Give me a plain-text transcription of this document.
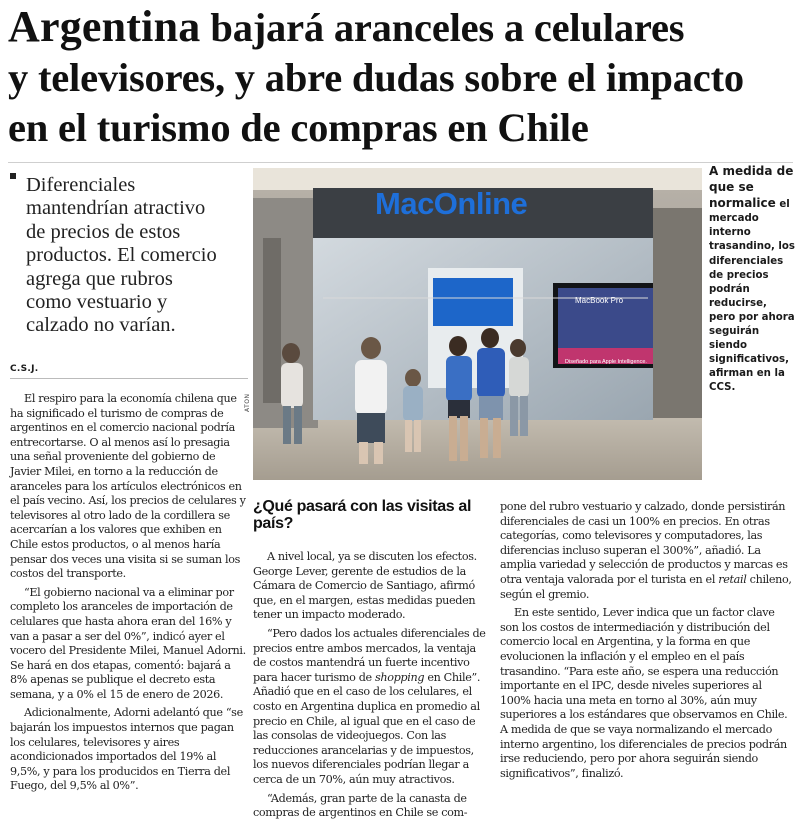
Argentina bajará aranceles a celulares
y televisores, y abre dudas sobre el impacto
en el turismo de compras en Chile
Diferenciales
mantendrían atractivo
de precios de estos
productos. El comercio
agrega que rubros
como vestuario y
calzado no varían.
C.S.J.
MacOnline
MacBook Pro
Diseñado para Apple Intelligence.
ATON
A medida de que se normalice el mercado interno trasandino, los diferenciales de precios podrán reducirse, pero por ahora seguirán siendo significativos, afirman en la CCS.

El respiro para la economía chilena que ha significado el turismo de compras de argentinos en el comercio nacional podría entrecortarse. O al menos así lo presagia una señal proveniente del gobierno de Javier Milei, en torno a la reducción de aranceles para los artículos electrónicos en el país vecino. Así, los precios de celulares y televisores al otro lado de la cordillera se acercarían a los valores que exhiben en Chile estos productos, o al menos haría pensar dos veces una visita si se suman los costos del transporte.

“El gobierno nacional va a eliminar por completo los aranceles de importación de celulares que hasta ahora eran del 16% y van a pasar a ser del 0%”, indicó ayer el vocero del Presidente Milei, Manuel Adorni. Se hará en dos etapas, comentó: bajará a 8% apenas se publique el decreto esta semana, y a 0% el 15 de enero de 2026.

Adicionalmente, Adorni adelantó que “se bajarán los impuestos internos que pagan los celulares, televisores y aires acondicionados importados del 19% al 9,5%, y para los producidos en Tierra del Fuego, del 9,5% al 0%”.

¿Qué pasará con las visitas al país?

A nivel local, ya se discuten los efectos. George Lever, gerente de estudios de la Cámara de Comercio de Santiago, afirmó que, en el margen, estas medidas pueden tener un impacto moderado.

“Pero dados los actuales diferenciales de precios entre ambos mercados, la ventaja de costos mantendrá un fuerte incentivo para hacer turismo de shopping en Chile”. Añadió que en el caso de los celulares, el costo en Argentina duplica en promedio al precio en Chile, al igual que en el caso de las consolas de videojuegos. Con las reducciones arancelarias y de impuestos, los nuevos diferenciales podrían llegar a cerca de un 70%, aún muy atractivos.

“Además, gran parte de la canasta de compras de argentinos en Chile se com-

pone del rubro vestuario y calzado, donde persistirán diferenciales de casi un 100% en precios. En otras categorías, como televisores y computadores, las diferencias incluso superan el 300%”, añadió. La amplia variedad y selección de productos y marcas es otra ventaja valorada por el turista en el retail chileno, según el gremio.

En este sentido, Lever indica que un factor clave son los costos de intermediación y distribución del comercio local en Argentina, y la forma en que evolucionen la inflación y el empleo en el país trasandino. “Para este año, se espera una reducción importante en el IPC, desde niveles superiores al 100% hacia una meta en torno al 30%, aún muy superiores a los estándares que observamos en Chile. A medida de que se vaya normalizando el mercado interno argentino, los diferenciales de precios podrán irse reduciendo, pero por ahora seguirán siendo significativos”, finalizó.
